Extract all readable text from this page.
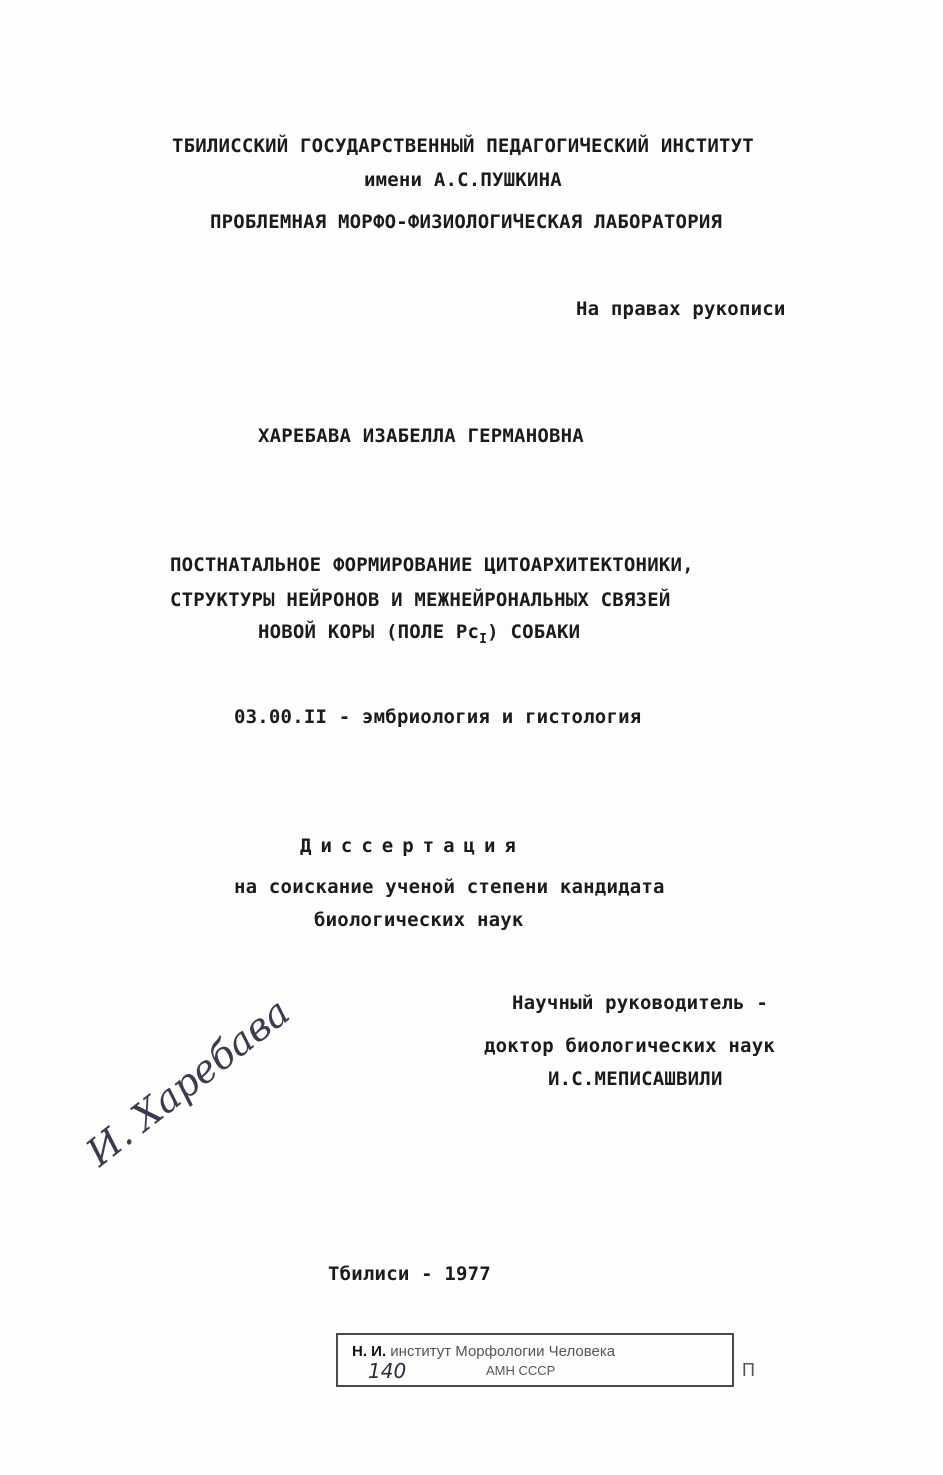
ТБИЛИССКИЙ ГОСУДАРСТВЕННЫЙ ПЕДАГОГИЧЕСКИЙ ИНСТИТУТ
имени А.С.ПУШКИНА
ПРОБЛЕМНАЯ МОРФО-ФИЗИОЛОГИЧЕСКАЯ ЛАБОРАТОРИЯ
На правах рукописи
ХАРЕБАВА ИЗАБЕЛЛА ГЕРМАНОВНА
ПОСТНАТАЛЬНОЕ ФОРМИРОВАНИЕ ЦИТОАРХИТЕКТОНИКИ,
СТРУКТУРЫ НЕЙРОНОВ И МЕЖНЕЙРОНАЛЬНЫХ СВЯЗЕЙ
НОВОЙ КОРЫ (ПОЛЕ $Pc_I$) СОБАКИ
03.00.II - эмбриология и гистология
Диссертация
на соискание ученой степени кандидата
биологических наук
Научный руководитель -
доктор биологических наук
И.С.МЕПИСАШВИЛИ
И. Харебава
Тбилиси - 1977
Н. И. институт Морфологии Человека
140	АМН СССР	П
